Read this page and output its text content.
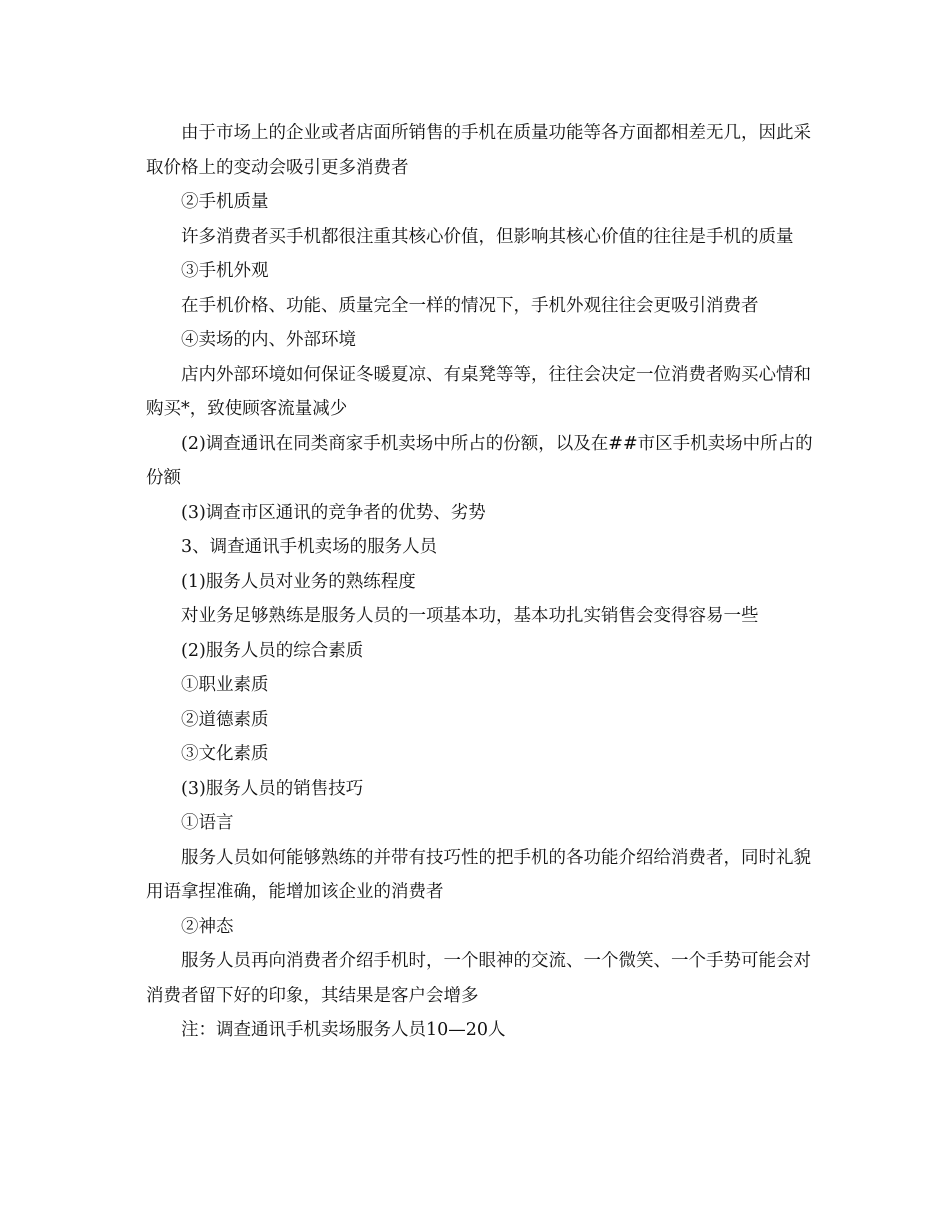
由于市场上的企业或者店面所销售的手机在质量功能等各方面都相差无几，因此采取价格上的变动会吸引更多消费者

②手机质量

许多消费者买手机都很注重其核心价值，但影响其核心价值的往往是手机的质量

③手机外观

在手机价格、功能、质量完全一样的情况下，手机外观往往会更吸引消费者

④卖场的内、外部环境

店内外部环境如何保证冬暖夏凉、有桌凳等等，往往会决定一位消费者购买心情和购买*，致使顾客流量减少

(2)调查通讯在同类商家手机卖场中所占的份额，以及在##市区手机卖场中所占的份额

(3)调查市区通讯的竞争者的优势、劣势

3、调查通讯手机卖场的服务人员

(1)服务人员对业务的熟练程度

对业务足够熟练是服务人员的一项基本功，基本功扎实销售会变得容易一些

(2)服务人员的综合素质

①职业素质

②道德素质

③文化素质

(3)服务人员的销售技巧

①语言

服务人员如何能够熟练的并带有技巧性的把手机的各功能介绍给消费者，同时礼貌用语拿捏准确，能增加该企业的消费者

②神态

服务人员再向消费者介绍手机时，一个眼神的交流、一个微笑、一个手势可能会对消费者留下好的印象，其结果是客户会增多

注：调查通讯手机卖场服务人员10—20人
